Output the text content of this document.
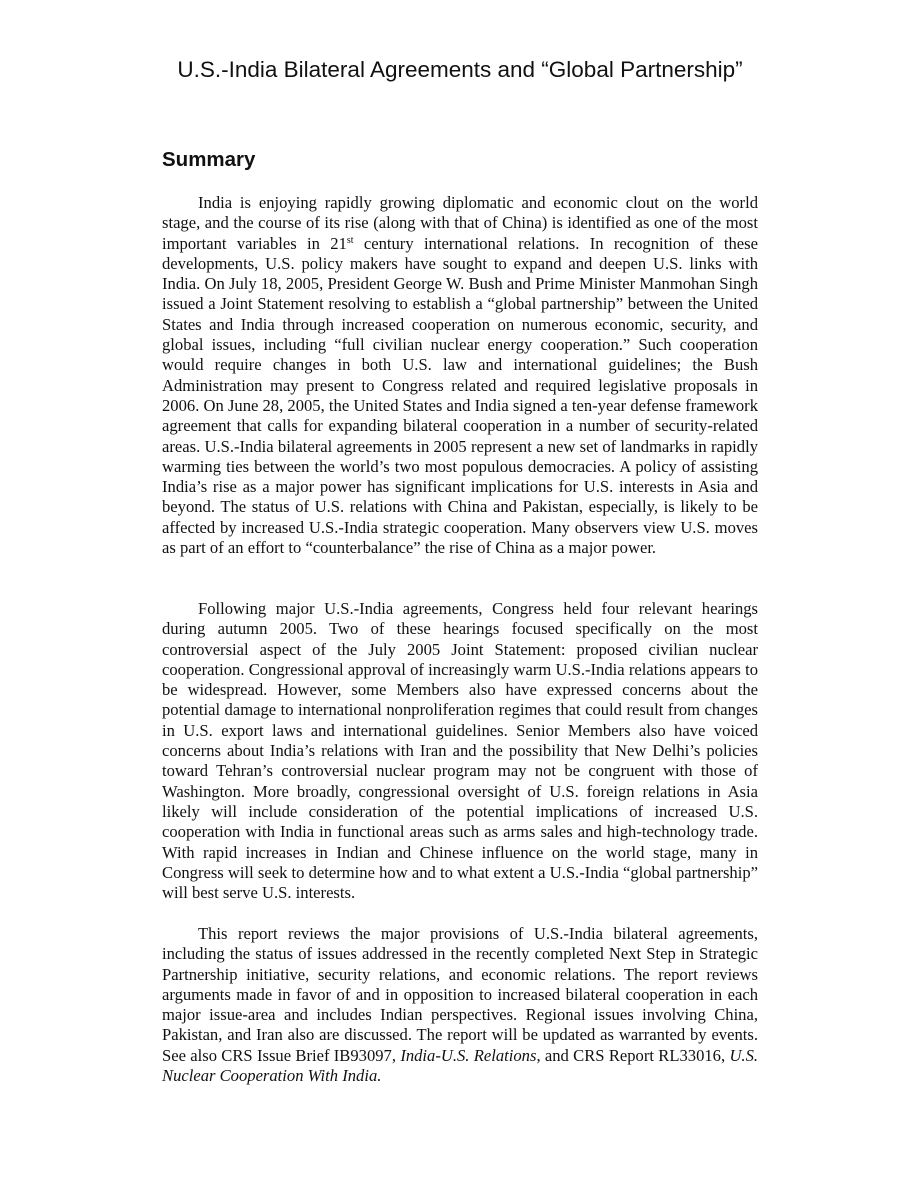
U.S.-India Bilateral Agreements and “Global Partnership”
Summary

India is enjoying rapidly growing diplomatic and economic clout on the world stage, and the course of its rise (along with that of China) is identified as one of the most important variables in 21st century international relations. In recognition of these developments, U.S. policy makers have sought to expand and deepen U.S. links with India. On July 18, 2005, President George W. Bush and Prime Minister Manmohan Singh issued a Joint Statement resolving to establish a “global partnership” between the United States and India through increased cooperation on numerous economic, security, and global issues, including “full civilian nuclear energy cooperation.” Such cooperation would require changes in both U.S. law and international guidelines; the Bush Administration may present to Congress related and required legislative proposals in 2006. On June 28, 2005, the United States and India signed a ten-year defense framework agreement that calls for expanding bilateral cooperation in a number of security-related areas. U.S.-India bilateral agreements in 2005 represent a new set of landmarks in rapidly warming ties between the world’s two most populous democracies. A policy of assisting India’s rise as a major power has significant implications for U.S. interests in Asia and beyond. The status of U.S. relations with China and Pakistan, especially, is likely to be affected by increased U.S.-India strategic cooperation. Many observers view U.S. moves as part of an effort to “counterbalance” the rise of China as a major power.

Following major U.S.-India agreements, Congress held four relevant hearings during autumn 2005. Two of these hearings focused specifically on the most controversial aspect of the July 2005 Joint Statement: proposed civilian nuclear cooperation. Congressional approval of increasingly warm U.S.-India relations appears to be widespread. However, some Members also have expressed concerns about the potential damage to international nonproliferation regimes that could result from changes in U.S. export laws and international guidelines. Senior Members also have voiced concerns about India’s relations with Iran and the possibility that New Delhi’s policies toward Tehran’s controversial nuclear program may not be congruent with those of Washington. More broadly, congressional oversight of U.S. foreign relations in Asia likely will include consideration of the potential implications of increased U.S. cooperation with India in functional areas such as arms sales and high-technology trade. With rapid increases in Indian and Chinese influence on the world stage, many in Congress will seek to determine how and to what extent a U.S.-India “global partnership” will best serve U.S. interests.

This report reviews the major provisions of U.S.-India bilateral agreements, including the status of issues addressed in the recently completed Next Step in Strategic Partnership initiative, security relations, and economic relations. The report reviews arguments made in favor of and in opposition to increased bilateral cooperation in each major issue-area and includes Indian perspectives. Regional issues involving China, Pakistan, and Iran also are discussed. The report will be updated as warranted by events. See also CRS Issue Brief IB93097, India-U.S. Relations, and CRS Report RL33016, U.S. Nuclear Cooperation With India.
